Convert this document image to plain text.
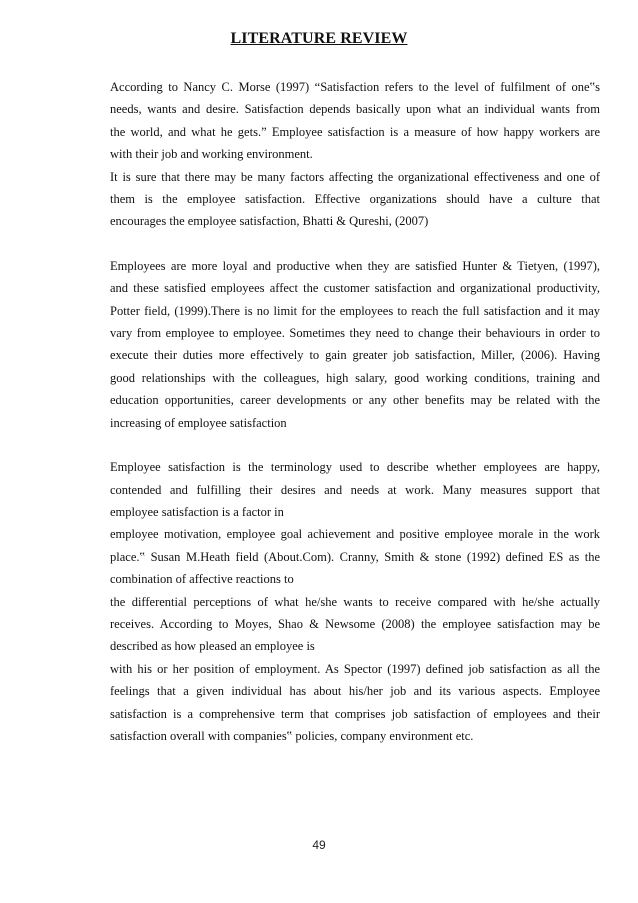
LITERATURE REVIEW

According to Nancy C. Morse (1997) “Satisfaction refers to the level of fulfilment of one‟s
needs, wants and desire. Satisfaction depends basically upon what an individual wants from
the world, and what he gets.” Employee satisfaction is a measure of how happy workers are
with their job and working environment.

It is sure that there may be many factors affecting the organizational effectiveness and one of
them is the employee satisfaction. Effective organizations should have a culture that
encourages the employee satisfaction, Bhatti & Qureshi, (2007)

Employees are more loyal and productive when they are satisfied Hunter & Tietyen, (1997),
and these satisfied employees affect the customer satisfaction and organizational productivity,
Potter field, (1999).There is no limit for the employees to reach the full satisfaction and it may
vary from employee to employee. Sometimes they need to change their behaviours in order to
execute their duties more effectively to gain greater job satisfaction, Miller, (2006). Having
good relationships with the colleagues, high salary, good working conditions, training and
education opportunities, career developments or any other benefits may be related with the
increasing of employee satisfaction

Employee satisfaction is the terminology used to describe whether employees are happy,
contended and fulfilling their desires and needs at work. Many measures support that
employee satisfaction is a factor in

employee motivation, employee goal achievement and positive employee morale in the work
place.‟ Susan M.Heath field (About.Com). Cranny, Smith & stone (1992) defined ES as the
combination of affective reactions to

the differential perceptions of what he/she wants to receive compared with he/she actually
receives. According to Moyes, Shao & Newsome (2008) the employee satisfaction may be
described as how pleased an employee is

with his or her position of employment. As Spector (1997) defined job satisfaction as all the
feelings that a given individual has about his/her job and its various aspects. Employee
satisfaction is a comprehensive term that comprises job satisfaction of employees and their
satisfaction overall with companies‟ policies, company environment etc.

49
